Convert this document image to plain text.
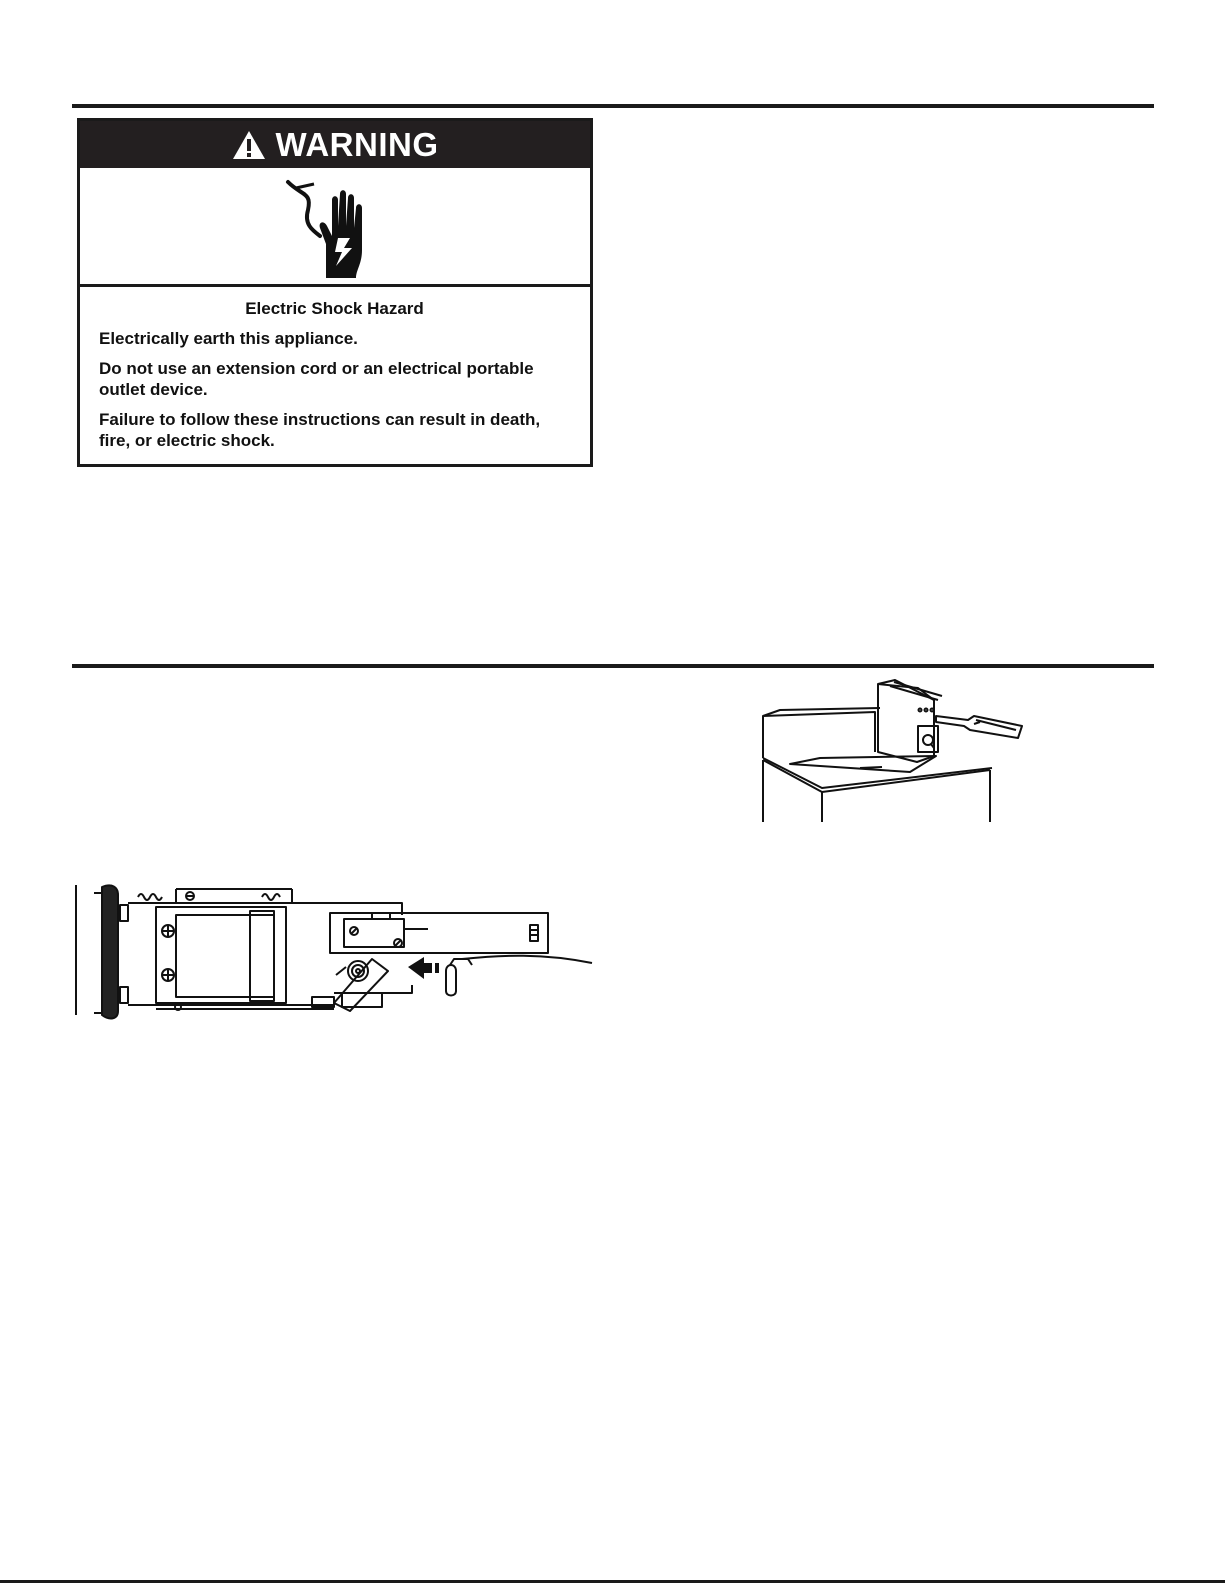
WARNING

Electric Shock Hazard

Electrically earth this appliance.

Do not use an extension cord or an electrical portable outlet device.

Failure to follow these instructions can result in death, fire, or electric shock.
